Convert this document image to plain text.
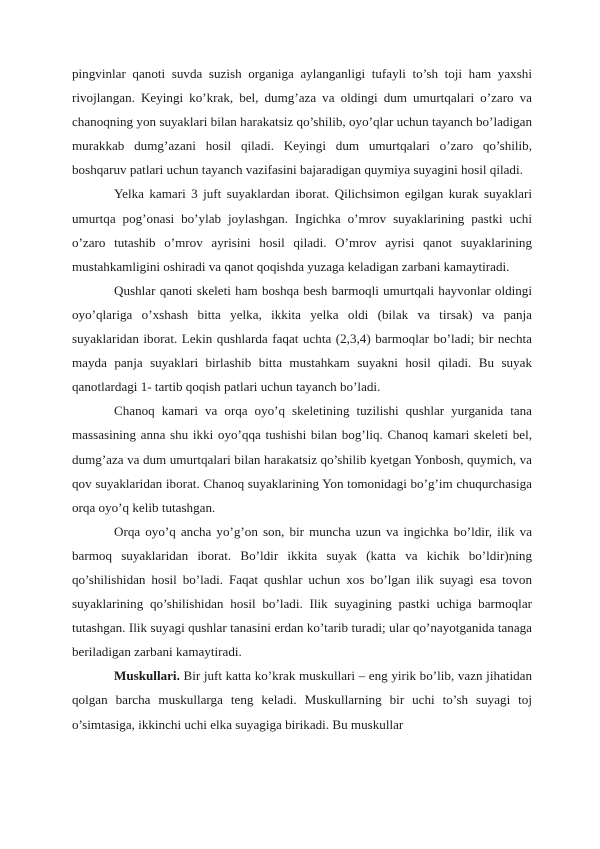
pingvinlar qanoti suvda suzish organiga aylanganligi tufayli to’sh toji ham yaxshi rivojlangan. Keyingi ko’krak, bel, dumg’aza va oldingi dum umurtqalari o’zaro va chanoqning yon suyaklari bilan harakatsiz qo’shilib, oyo’qlar uchun tayanch bo’ladigan murakkab dumg’azani hosil qiladi. Keyingi dum umurtqalari o’zaro qo’shilib, boshqaruv patlari uchun tayanch vazifasini bajaradigan quymiya suyagini hosil qiladi.

Yelka kamari 3 juft suyaklardan iborat. Qilichsimon egilgan kurak suyaklari umurtqa pog’onasi bo’ylab joylashgan. Ingichka o’mrov suyaklarining pastki uchi o’zaro tutashib o’mrov ayrisini hosil qiladi. O’mrov ayrisi qanot suyaklarining mustahkamligini oshiradi va qanot qoqishda yuzaga keladigan zarbani kamaytiradi.

Qushlar qanoti skeleti ham boshqa besh barmoqli umurtqali hayvonlar oldingi oyo’qlariga o’xshash bitta yelka, ikkita yelka oldi (bilak va tirsak) va panja suyaklaridan iborat. Lekin qushlarda faqat uchta (2,3,4) barmoqlar bo’ladi; bir nechta mayda panja suyaklari birlashib bitta mustahkam suyakni hosil qiladi. Bu suyak qanotlardagi 1- tartib qoqish patlari uchun tayanch bo’ladi.

Chanoq kamari va orqa oyo’q skeletining tuzilishi qushlar yurganida tana massasining anna shu ikki oyo’qqa tushishi bilan bog’liq. Chanoq kamari skeleti bel, dumg’aza va dum umurtqalari bilan harakatsiz qo’shilib kyetgan Yonbosh, quymich, va qov suyaklaridan iborat. Chanoq suyaklarining Yon tomonidagi bo’g’im chuqurchasiga orqa oyo’q kelib tutashgan.

Orqa oyo’q ancha yo’g’on son, bir muncha uzun va ingichka bo’ldir, ilik va barmoq suyaklaridan iborat. Bo’ldir ikkita suyak (katta va kichik bo’ldir)ning qo’shilishidan hosil bo’ladi. Faqat qushlar uchun xos bo’lgan ilik suyagi esa tovon suyaklarining qo’shilishidan hosil bo’ladi. Ilik suyagining pastki uchiga barmoqlar tutashgan. Ilik suyagi qushlar tanasini erdan ko’tarib turadi; ular qo’nayotganida tanaga beriladigan zarbani kamaytiradi.

Muskullari. Bir juft katta ko’krak muskullari – eng yirik bo’lib, vazn jihatidan qolgan barcha muskullarga teng keladi. Muskullarning bir uchi to’sh suyagi toj o’simtasiga, ikkinchi uchi elka suyagiga birikadi. Bu muskullar
